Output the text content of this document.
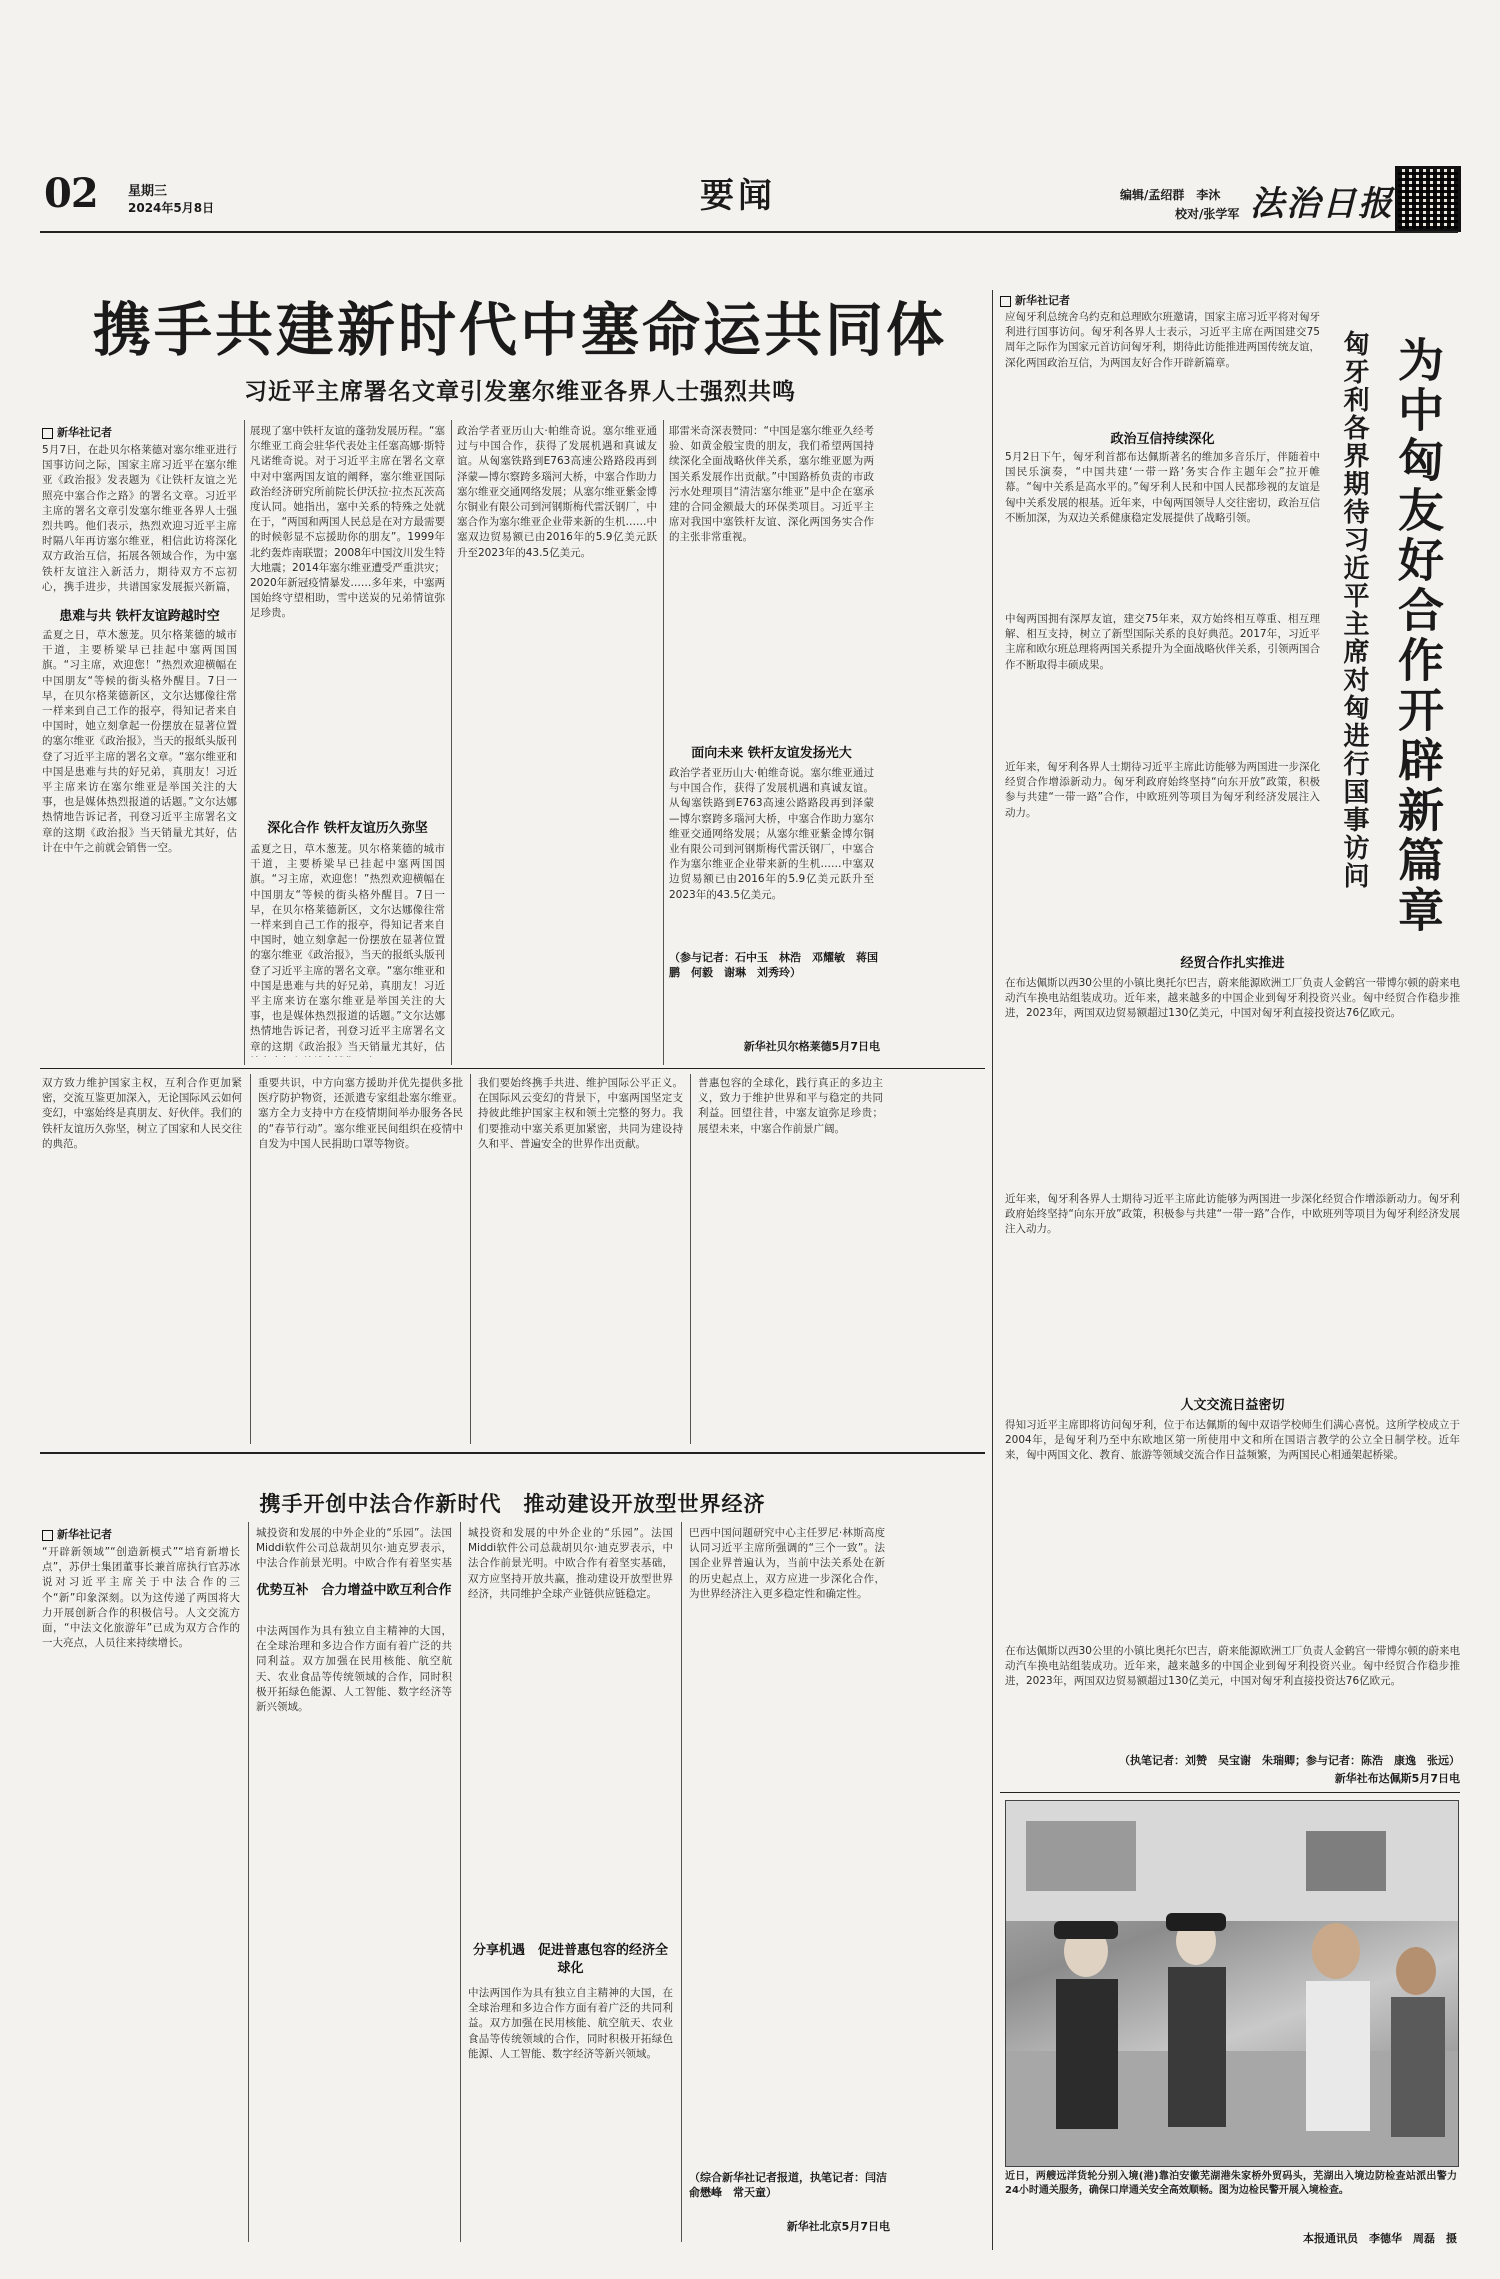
02 星期三
2024年5月8日	要闻	编辑/孟绍群　李沐
校对/张学军 法治日报
携手共建新时代中塞命运共同体
习近平主席署名文章引发塞尔维亚各界人士强烈共鸣
新华社记者
5月7日，在赴贝尔格莱德对塞尔维亚进行国事访问之际，国家主席习近平在塞尔维亚《政治报》发表题为《让铁杆友谊之光照亮中塞合作之路》的署名文章。习近平主席的署名文章引发塞尔维亚各界人士强烈共鸣。他们表示，热烈欢迎习近平主席时隔八年再访塞尔维亚，相信此访将深化双方政治互信，拓展各领域合作，为中塞铁杆友谊注入新活力，期待双方不忘初心，携手进步，共谱国家发展振兴新篇，
患难与共 铁杆友谊跨越时空
孟夏之日，草木葱茏。贝尔格莱德的城市干道，主要桥梁早已挂起中塞两国国旗。“习主席，欢迎您！”热烈欢迎横幅在中国朋友“等候的街头格外醒目。7日一早，在贝尔格莱德新区，文尔达娜像往常一样来到自己工作的报亭，得知记者来自中国时，她立刻拿起一份摆放在显著位置的塞尔维亚《政治报》，当天的报纸头版刊登了习近平主席的署名文章。“塞尔维亚和中国是患难与共的好兄弟，真朋友！习近平主席来访在塞尔维亚是举国关注的大事，也是媒体热烈报道的话题。”文尔达娜热情地告诉记者，刊登习近平主席署名文章的这期《政治报》当天销量尤其好，估计在中午之前就会销售一空。
展现了塞中铁杆友谊的蓬勃发展历程。“塞尔维亚工商会驻华代表处主任塞高娜·斯特凡诺维奇说。对于习近平主席在署名文章中对中塞两国友谊的阐释，塞尔维亚国际政治经济研究所前院长伊沃拉·拉杰瓦茨高度认同。她指出，塞中关系的特殊之处就在于，“两国和两国人民总是在对方最需要的时候彰显不忘援助你的朋友”。1999年北约轰炸南联盟；2008年中国汶川发生特大地震；2014年塞尔维亚遭受严重洪灾；2020年新冠疫情暴发……多年来，中塞两国始终守望相助，雪中送炭的兄弟情谊弥足珍贵。
深化合作 铁杆友谊历久弥坚
孟夏之日，草木葱茏。贝尔格莱德的城市干道，主要桥梁早已挂起中塞两国国旗。“习主席，欢迎您！”热烈欢迎横幅在中国朋友“等候的街头格外醒目。7日一早，在贝尔格莱德新区，文尔达娜像往常一样来到自己工作的报亭，得知记者来自中国时，她立刻拿起一份摆放在显著位置的塞尔维亚《政治报》，当天的报纸头版刊登了习近平主席的署名文章。“塞尔维亚和中国是患难与共的好兄弟，真朋友！习近平主席来访在塞尔维亚是举国关注的大事，也是媒体热烈报道的话题。”文尔达娜热情地告诉记者，刊登习近平主席署名文章的这期《政治报》当天销量尤其好，估
政治学者亚历山大·帕维奇说。塞尔维亚通过与中国合作，获得了发展机遇和真诚友谊。从匈塞铁路到E763高速公路路段再到泽蒙—博尔察跨多瑙河大桥，中塞合作助力塞尔维亚交通网络发展；从塞尔维亚紫金博尔铜业有限公司到河钢斯梅代雷沃钢厂，中塞合作为塞尔维亚企业带来新的生机……中塞双边贸易额已由2016年的5.9亿美元跃升至2023年的43.5亿美元。
耶雷米奇深表赞同：“中国是塞尔维亚久经考验、如黄金般宝贵的朋友，我们希望两国持续深化全面战略伙伴关系，塞尔维亚愿为两国关系发展作出贡献。”中国路桥负责的市政污水处理项目“清洁塞尔维亚”是中企在塞承建的合同金额最大的环保类项目。习近平主席对我国中塞铁杆友谊、深化两国务实合作的主张非常重视。
面向未来 铁杆友谊发扬光大
政治学者亚历山大·帕维奇说。塞尔维亚通过与中国合作，获得了发展机遇和真诚友谊。从匈塞铁路到E763高速公路路段再到泽蒙—博尔察跨多瑙河大桥，中塞合作助力塞尔维亚交通网络发展；从塞尔维亚紫金博尔铜业有限公司到河钢斯梅代雷沃钢厂，中塞合作为塞尔维亚企业带来新的生机……中塞双边贸易额已由2016年的5.9亿美元跃升至2023年的43.5亿美元。
（参与记者：石中玉　林浩　邓耀敏　蒋国鹏　何毅　谢琳　刘秀玲）
新华社贝尔格莱德5月7日电
双方致力维护国家主权，互利合作更加紧密，交流互鉴更加深入，无论国际风云如何变幻，中塞始终是真朋友、好伙伴。我们的铁杆友谊历久弥坚，树立了国家和人民交往的典范。
重要共识，中方向塞方援助并优先提供多批医疗防护物资，还派遣专家组赴塞尔维亚。塞方全力支持中方在疫情期间举办服务各民的“春节行动”。塞尔维亚民间组织在疫情中自发为中国人民捐助口罩等物资。
我们要始终携手共进、维护国际公平正义。在国际风云变幻的背景下，中塞两国坚定支持彼此维护国家主权和领土完整的努力。我们要推动中塞关系更加紧密，共同为建设持久和平、普遍安全的世界作出贡献。
普惠包容的全球化，践行真正的多边主义，致力于维护世界和平与稳定的共同利益。回望往昔，中塞友谊弥足珍贵；展望未来，中塞合作前景广阔。
携手开创中法合作新时代　推动建设开放型世界经济
新华社记者
“开辟新领域”“创造新模式”“培育新增长点”，苏伊士集团董事长兼首席执行官苏冰说对习近平主席关于中法合作的三个“新”印象深刻。以为这传递了两国将大力开展创新合作的积极信号。人文交流方面，“中法文化旅游年”已成为双方合作的一大亮点，人员往来持续增长。
城投资和发展的中外企业的“乐园”。法国Middi软件公司总裁胡贝尔·迪克罗表示，中法合作前景光明。中欧合作有着坚实基
优势互补　合力增益中欧互利合作
中法两国作为具有独立自主精神的大国，在全球治理和多边合作方面有着广泛的共同利益。双方加强在民用核能、航空航天、农业食品等传统领域的合作，同时积极开拓绿色能源、人工智能、数字经济等新兴领域。
城投资和发展的中外企业的“乐园”。法国Middi软件公司总裁胡贝尔·迪克罗表示，中法合作前景光明。中欧合作有着坚实基础，双方应坚持开放共赢，推动建设开放型世界经济，共同维护全球产业链供应链稳定。
分享机遇　促进普惠包容的经济全球化
中法两国作为具有独立自主精神的大国，在全球治理和多边合作方面有着广泛的共同利益。双方加强在民用核能、航空航天、农业食品等传统领域的合作，同时积极开拓绿色能源、人工智能、数字经济等新兴领域。
巴西中国问题研究中心主任罗尼·林斯高度认同习近平主席所强调的“三个一致”。法国企业界普遍认为，当前中法关系处在新的历史起点上，双方应进一步深化合作，为世界经济注入更多稳定性和确定性。
（综合新华社记者报道，执笔记者：闫洁　俞懋峰　常天童）
新华社北京5月7日电
新华社记者
应匈牙利总统舍乌约克和总理欧尔班邀请，国家主席习近平将对匈牙利进行国事访问。匈牙利各界人士表示，习近平主席在两国建交75周年之际作为国家元首访问匈牙利，期待此访能推进两国传统友谊，深化两国政治互信，为两国友好合作开辟新篇章。	为中匈友好合作开辟新篇章
匈牙利各界期待习近平主席对匈进行国事访问
政治互信持续深化
5月2日下午，匈牙利首都布达佩斯著名的维加多音乐厅，伴随着中国民乐演奏，“中国共建‘一带一路’务实合作主题年会”拉开帷幕。“匈中关系是高水平的。”匈牙利人民和中国人民都珍视的友谊是匈中关系发展的根基。近年来，中匈两国领导人交往密切，政治互信不断加深，为双边关系健康稳定发展提供了战略引领。
中匈两国拥有深厚友谊，建交75年来，双方始终相互尊重、相互理解、相互支持，树立了新型国际关系的良好典范。2017年，习近平主席和欧尔班总理将两国关系提升为全面战略伙伴关系，引领两国合作不断取得丰硕成果。
近年来，匈牙利各界人士期待习近平主席此访能够为两国进一步深化经贸合作增添新动力。匈牙利政府始终坚持“向东开放”政策，积极参与共建“一带一路”合作，中欧班列等项目为匈牙利经济发展注入动力。
经贸合作扎实推进
在布达佩斯以西30公里的小镇比奥托尔巴吉，蔚来能源欧洲工厂负责人金鹤宫一带博尔顿的蔚来电动汽车换电站组装成功。近年来，越来越多的中国企业到匈牙利投资兴业。匈中经贸合作稳步推进，2023年，两国双边贸易额超过130亿美元，中国对匈牙利直接投资达76亿欧元。
近年来，匈牙利各界人士期待习近平主席此访能够为两国进一步深化经贸合作增添新动力。匈牙利政府始终坚持“向东开放”政策，积极参与共建“一带一路”合作，中欧班列等项目为匈牙利经济发展注入动力。
人文交流日益密切
得知习近平主席即将访问匈牙利，位于布达佩斯的匈中双语学校师生们满心喜悦。这所学校成立于2004年，是匈牙利乃至中东欧地区第一所使用中文和所在国语言教学的公立全日制学校。近年来，匈中两国文化、教育、旅游等领域交流合作日益频繁，为两国民心相通架起桥梁。
在布达佩斯以西30公里的小镇比奥托尔巴吉，蔚来能源欧洲工厂负责人金鹤宫一带博尔顿的蔚来电动汽车换电站组装成功。近年来，越来越多的中国企业到匈牙利投资兴业。匈中经贸合作稳步推进，2023年，两国双边贸易额超过130亿美元，中国对匈牙利直接投资达76亿欧元。
（执笔记者：刘赞　吴宝谢　朱瑞卿；参与记者：陈浩　康逸　张远）
新华社布达佩斯5月7日电
近日，两艘远洋货轮分别入境(港)靠泊安徽芜湖港朱家桥外贸码头，芜湖出入境边防检查站派出警力24小时通关服务，确保口岸通关安全高效顺畅。图为边检民警开展入境检查。
本报通讯员　李德华　周磊　摄
